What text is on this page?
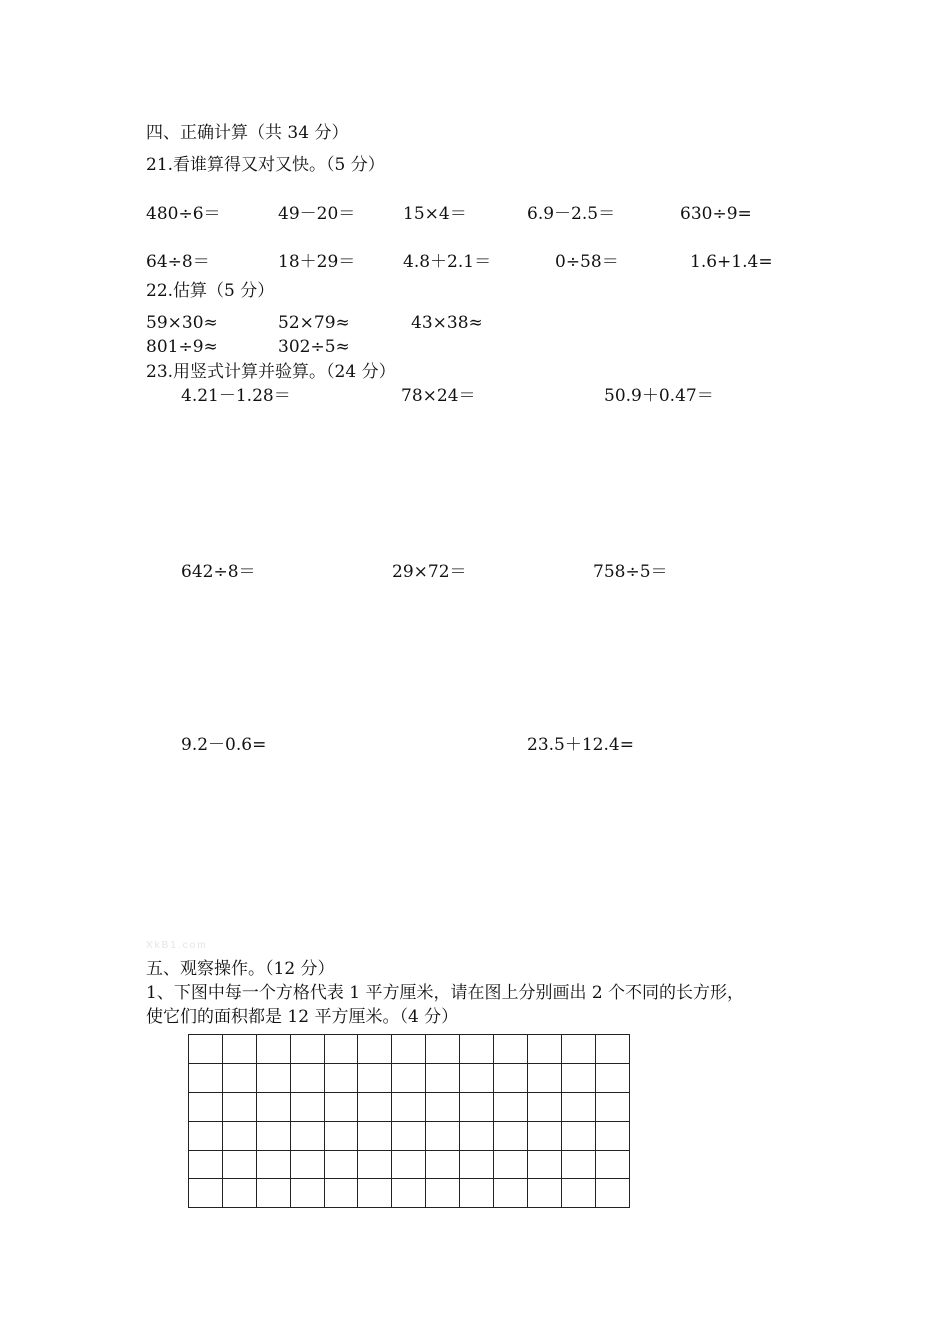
四、正确计算（共 34 分）
21.看谁算得又对又快。（5 分）
480÷6＝	49－20＝	15×4＝	6.9－2.5＝	630÷9=
64÷8＝	18＋29＝	4.8＋2.1＝	0÷58＝	1.6+1.4=
22.估算（5 分）
59×30≈	52×79≈	43×38≈
801÷9≈	302÷5≈
23.用竖式计算并验算。（24 分）
4.21－1.28＝	78×24＝	50.9＋0.47＝
642÷8＝	29×72＝	758÷5＝
9.2－0.6=	23.5＋12.4=
XkB1.com
五、观察操作。（12 分）
1、下图中每一个方格代表 1 平方厘米，请在图上分别画出 2 个不同的长方形，
使它们的面积都是 12 平方厘米。（4 分）
